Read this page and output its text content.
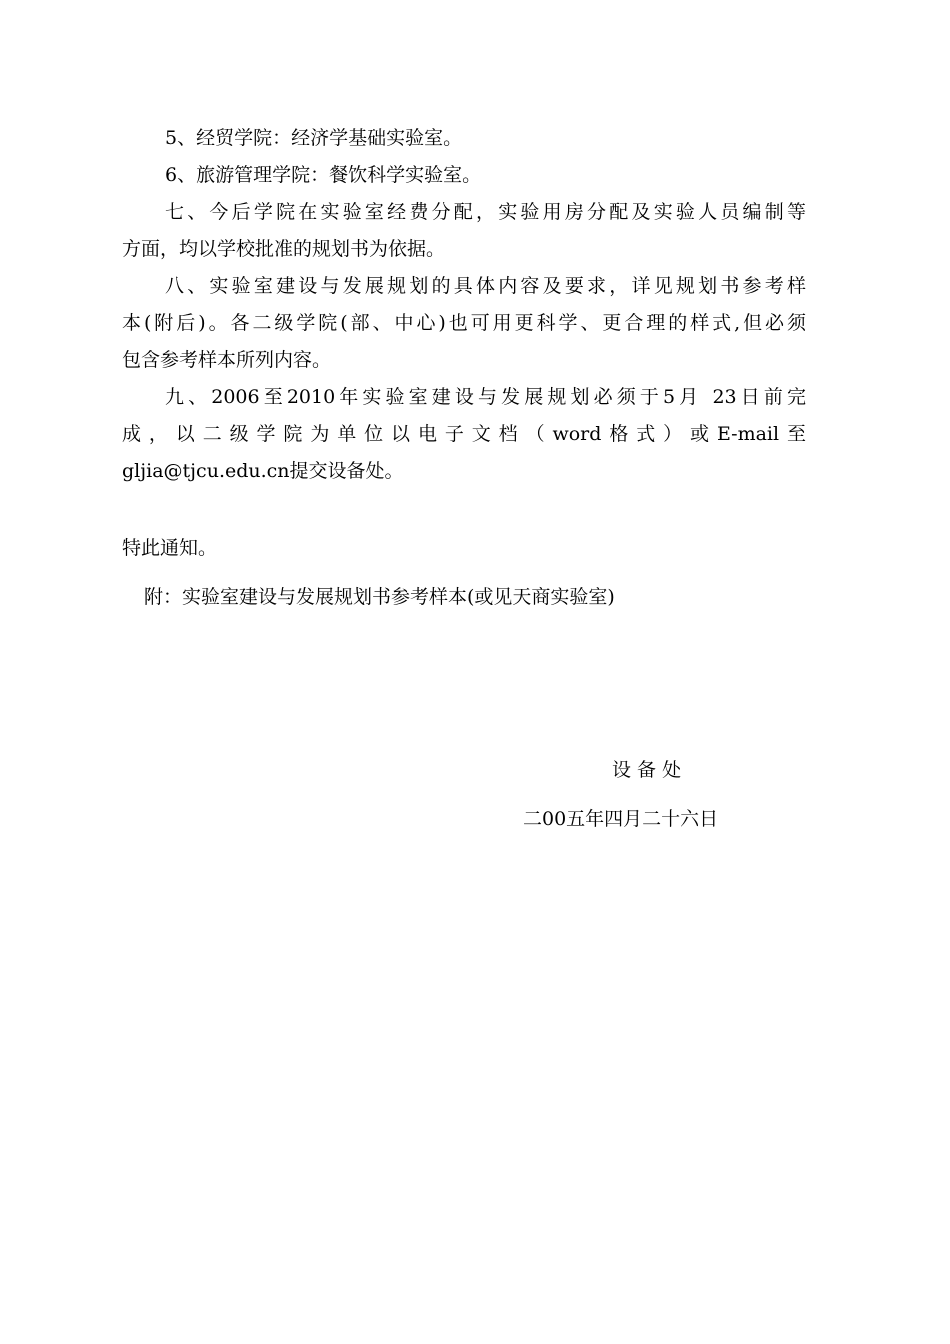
5、经贸学院：经济学基础实验室。
6、旅游管理学院：餐饮科学实验室。
七、今后学院在实验室经费分配，实验用房分配及实验人员编制等
方面，均以学校批准的规划书为依据。
八、实验室建设与发展规划的具体内容及要求，详见规划书参考样
本(附后)。各二级学院(部、中心)也可用更科学、更合理的样式,但必须
包含参考样本所列内容。
九、2006至2010年实验室建设与发展规划必须于5月 23日前完
成，以二级学院为单位以电子文档（word格式）或E-mail至
gljia@tjcu.edu.cn提交设备处。
特此通知。
附：实验室建设与发展规划书参考样本(或见天商实验室)
设 备 处
二00五年四月二十六日
